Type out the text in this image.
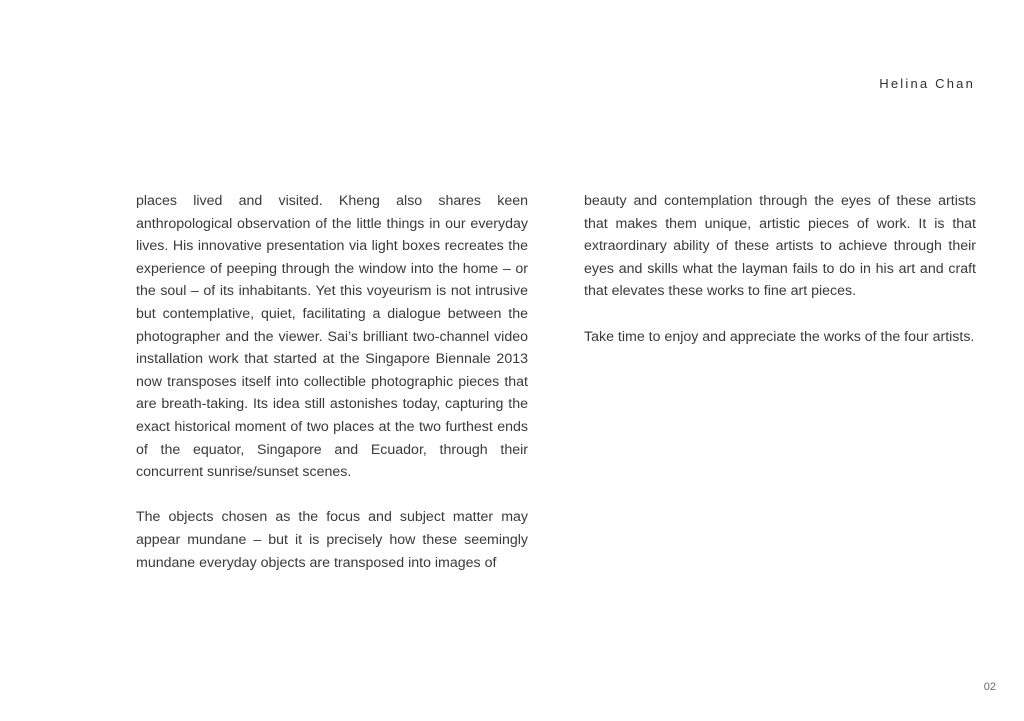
Helina Chan

places lived and visited. Kheng also shares keen anthropological observation of the little things in our everyday lives. His innovative presentation via light boxes recreates the experience of peeping through the window into the home – or the soul – of its inhabitants. Yet this voyeurism is not intrusive but contemplative, quiet, facilitating a dialogue between the photographer and the viewer. Sai’s brilliant two-channel video installation work that started at the Singapore Biennale 2013 now transposes itself into collectible photographic pieces that are breath-taking. Its idea still astonishes today, capturing the exact historical moment of two places at the two furthest ends of the equator, Singapore and Ecuador, through their concurrent sunrise/sunset scenes.

The objects chosen as the focus and subject matter may appear mundane – but it is precisely how these seemingly mundane everyday objects are transposed into images of

beauty and contemplation through the eyes of these artists that makes them unique, artistic pieces of work. It is that extraordinary ability of these artists to achieve through their eyes and skills what the layman fails to do in his art and craft that elevates these works to fine art pieces.

Take time to enjoy and appreciate the works of the four artists.

02
